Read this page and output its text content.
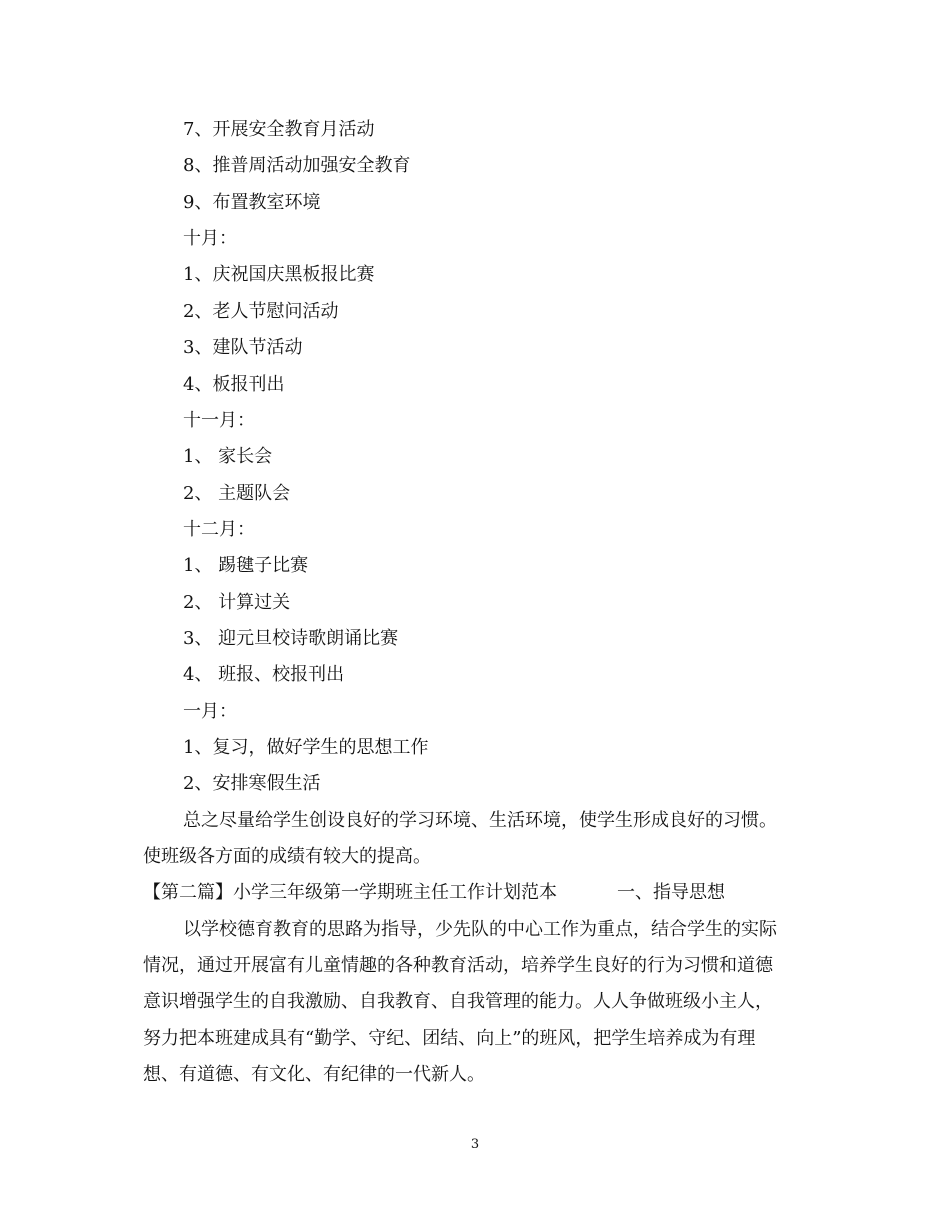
7、开展安全教育月活动
8、推普周活动加强安全教育
9、布置教室环境
十月：
1、庆祝国庆黑板报比赛
2、老人节慰问活动
3、建队节活动
4、板报刊出
十一月：
1、 家长会
2、 主题队会
十二月：
1、 踢毽子比赛
2、 计算过关
3、 迎元旦校诗歌朗诵比赛
4、 班报、校报刊出
一月：
1、复习，做好学生的思想工作
2、安排寒假生活
总之尽量给学生创设良好的学习环境、生活环境，使学生形成良好的习惯。
使班级各方面的成绩有较大的提高。
【第二篇】小学三年级第一学期班主任工作计划范本	一、指导思想
以学校德育教育的思路为指导，少先队的中心工作为重点，结合学生的实际
情况，通过开展富有儿童情趣的各种教育活动，培养学生良好的行为习惯和道德
意识增强学生的自我激励、自我教育、自我管理的能力。人人争做班级小主人，
努力把本班建成具有“勤学、守纪、团结、向上”的班风，把学生培养成为有理
想、有道德、有文化、有纪律的一代新人。
3
